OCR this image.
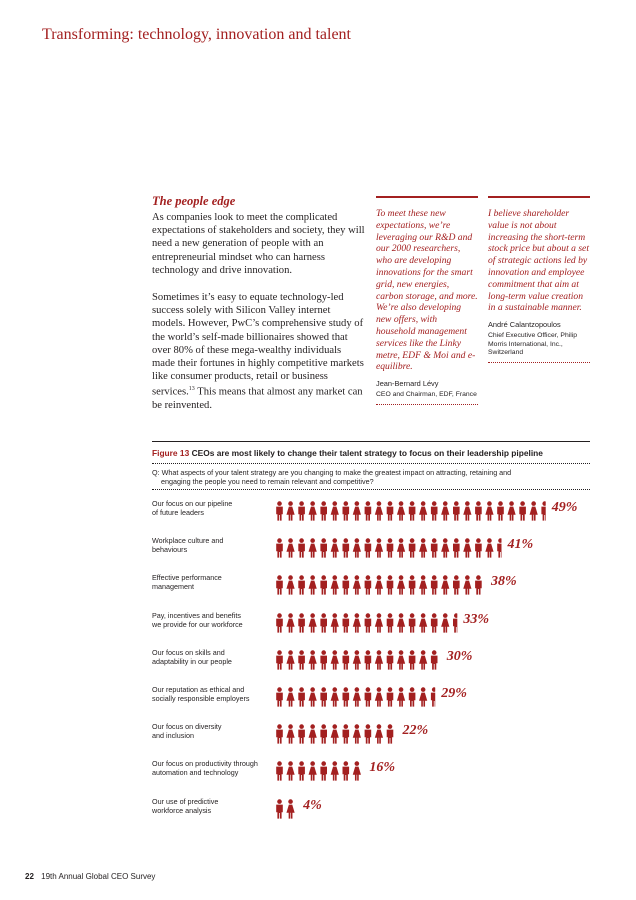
Transforming: technology, innovation and talent
The people edge

As companies look to meet the complicated expectations of stakeholders and society, they will need a new generation of people with an entrepreneurial mindset who can harness technology and drive innovation.

Sometimes it’s easy to equate technology-led success solely with Silicon Valley internet models. However, PwC’s comprehensive study of the world’s self-made billionaires showed that over 80% of these mega-wealthy individuals made their fortunes in highly competitive markets like consumer products, retail or business services.$^{13}$ This means that almost any market can be reinvented.

To meet these new expectations, we’re leveraging our R&D and our 2000 researchers, who are developing innovations for the smart grid, new energies, carbon storage, and more. We’re also developing new offers, with household management services like the Linky metre, EDF & Moi and e-equilibre.
Jean-Bernard Lévy
CEO and Chairman, EDF, France
I believe shareholder value is not about increasing the short-term stock price but about a set of strategic actions led by innovation and employee commitment that aim at long-term value creation in a sustainable manner.
André Calantzopoulos
Chief Executive Officer, Philip Morris International, Inc., Switzerland
Figure 13 CEOs are most likely to change their talent strategy to focus on their leadership pipeline
Q: What aspects of your talent strategy are you changing to make the greatest impact on attracting, retaining and
engaging the people you need to remain relevant and competitive?
Our focus on our pipeline
of future leaders	49%
Workplace culture and
behaviours	41%
Effective performance
management	38%
Pay, incentives and benefits
we provide for our workforce	33%
Our focus on skills and
adaptability in our people	30%
Our reputation as ethical and
socially responsible employers	29%
Our focus on diversity
and inclusion	22%
Our focus on productivity through
automation and technology	16%
Our use of predictive
workforce analysis	4%
22 19th Annual Global CEO Survey
